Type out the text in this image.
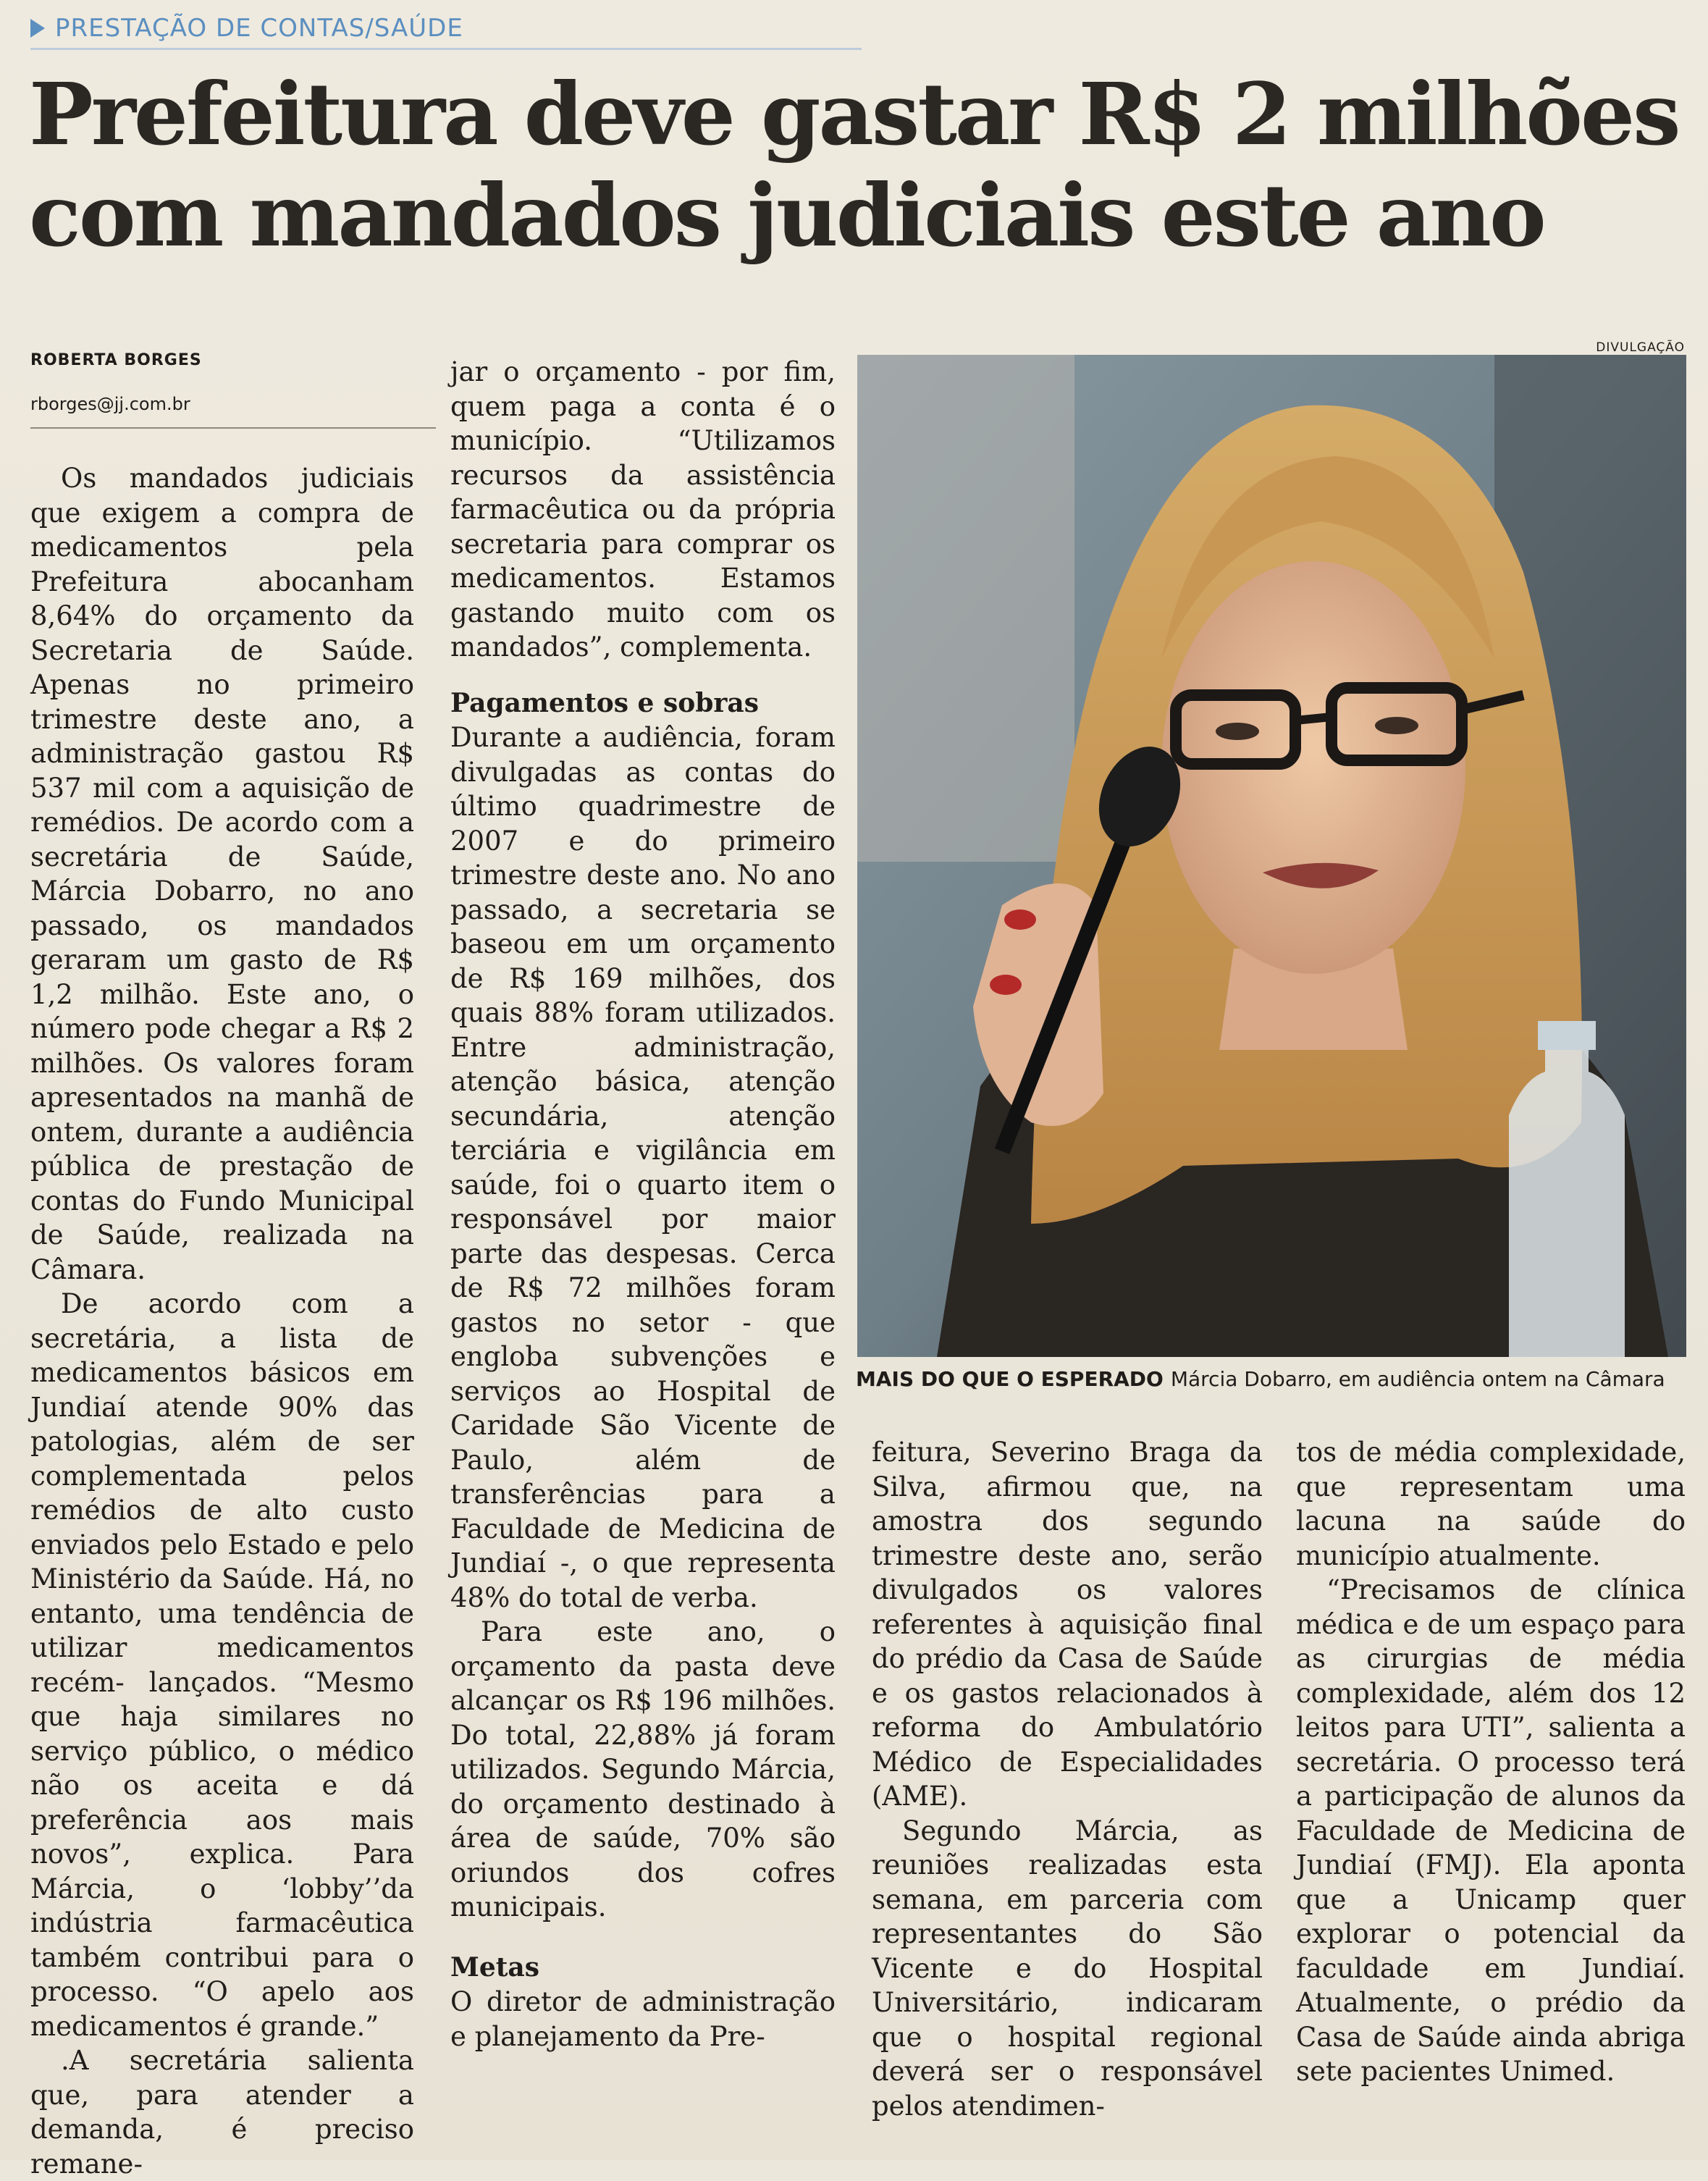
PRESTAÇÃO DE CONTAS/SAÚDE
Prefeitura deve gastar R$ 2 milhões com mandados judiciais este ano
ROBERTA BORGES
rborges@jj.com.br

Os mandados judiciais que exigem a compra de medicamentos pela Prefeitura abocanham 8,64% do orçamento da Secretaria de Saúde. Apenas no primeiro trimestre deste ano, a administração gastou R$ 537 mil com a aquisição de remédios. De acordo com a secretária de Saúde, Márcia Dobarro, no ano passado, os mandados geraram um gasto de R$ 1,2 milhão. Este ano, o número pode chegar a R$ 2 milhões. Os valores foram apresentados na manhã de ontem, durante a audiência pública de prestação de contas do Fundo Municipal de Saúde, realizada na Câmara.

De acordo com a secretária, a lista de medicamentos básicos em Jundiaí atende 90% das patologias, além de ser complementada pelos remédios de alto custo enviados pelo Estado e pelo Ministério da Saúde. Há, no entanto, uma tendência de utilizar medicamentos recém- lançados. “Mesmo que haja similares no serviço público, o médico não os aceita e dá preferência aos mais novos”, explica. Para Márcia, o ‘lobby’’da indústria farmacêutica também contribui para o processo. “O apelo aos medicamentos é grande.”

.A secretária salienta que, para atender a demanda, é preciso remane-

jar o orçamento - por fim, quem paga a conta é o município. “Utilizamos recursos da assistência farmacêutica ou da própria secretaria para comprar os medicamentos. Estamos gastando muito com os mandados”, complementa.

Pagamentos e sobras

Durante a audiência, foram divulgadas as contas do último quadrimestre de 2007 e do primeiro trimestre deste ano. No ano passado, a secretaria se baseou em um orçamento de R$ 169 milhões, dos quais 88% foram utilizados. Entre administração, atenção básica, atenção secundária, atenção terciária e vigilância em saúde, foi o quarto item o responsável por maior parte das despesas. Cerca de R$ 72 milhões foram gastos no setor - que engloba subvenções e serviços ao Hospital de Caridade São Vicente de Paulo, além de transferências para a Faculdade de Medicina de Jundiaí -, o que representa 48% do total de verba.

Para este ano, o orçamento da pasta deve alcançar os R$ 196 milhões. Do total, 22,88% já foram utilizados. Segundo Márcia, do orçamento destinado à área de saúde, 70% são oriundos dos cofres municipais.

Metas

O diretor de administração e planejamento da Pre-

DIVULGAÇÃO
MAIS DO QUE O ESPERADO Márcia Dobarro, em audiência ontem na Câmara

feitura, Severino Braga da Silva, afirmou que, na amostra dos segundo trimestre deste ano, serão divulgados os valores referentes à aquisição final do prédio da Casa de Saúde e os gastos relacionados à reforma do Ambulatório Médico de Especialidades (AME).

Segundo Márcia, as reuniões realizadas esta semana, em parceria com representantes do São Vicente e do Hospital Universitário, indicaram que o hospital regional deverá ser o responsável pelos atendimen-

tos de média complexidade, que representam uma lacuna na saúde do município atualmente.

“Precisamos de clínica médica e de um espaço para as cirurgias de média complexidade, além dos 12 leitos para UTI”, salienta a secretária. O processo terá a participação de alunos da Faculdade de Medicina de Jundiaí (FMJ). Ela aponta que a Unicamp quer explorar o potencial da faculdade em Jundiaí. Atualmente, o prédio da Casa de Saúde ainda abriga sete pacientes Unimed.
